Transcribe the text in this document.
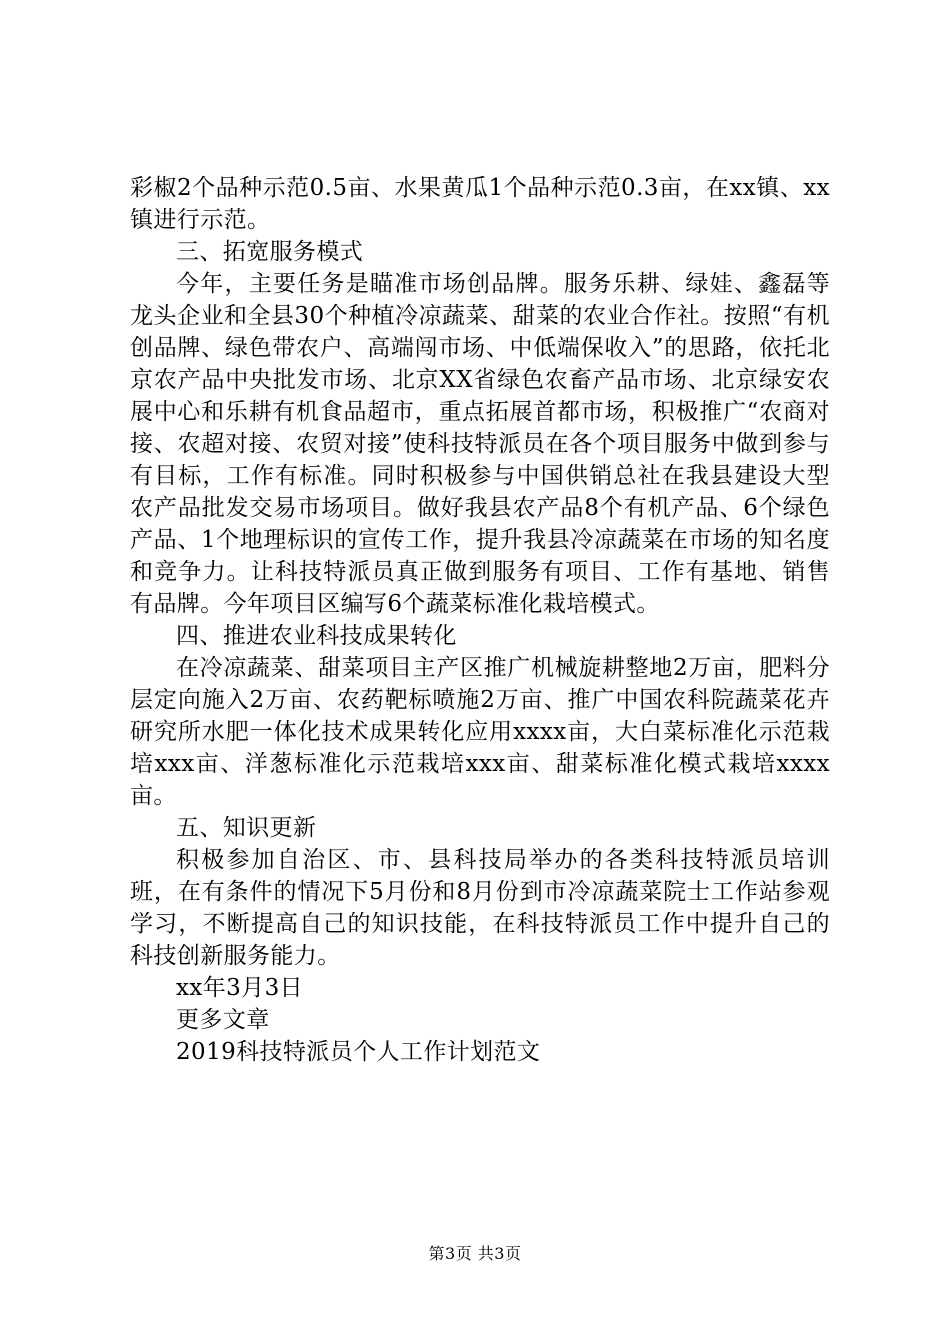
彩椒2个品种示范0.5亩、水果黄瓜1个品种示范0.3亩，在xx镇、xx镇进行示范。

三、拓宽服务模式

今年，主要任务是瞄准市场创品牌。服务乐耕、绿娃、鑫磊等龙头企业和全县30个种植冷凉蔬菜、甜菜的农业合作社。按照“有机创品牌、绿色带农户、高端闯市场、中低端保收入”的思路，依托北京农产品中央批发市场、北京XX省绿色农畜产品市场、北京绿安农展中心和乐耕有机食品超市，重点拓展首都市场，积极推广“农商对接、农超对接、农贸对接”使科技特派员在各个项目服务中做到参与有目标，工作有标准。同时积极参与中国供销总社在我县建设大型农产品批发交易市场项目。做好我县农产品8个有机产品、6个绿色产品、1个地理标识的宣传工作，提升我县冷凉蔬菜在市场的知名度和竞争力。让科技特派员真正做到服务有项目、工作有基地、销售有品牌。今年项目区编写6个蔬菜标准化栽培模式。

四、推进农业科技成果转化

在冷凉蔬菜、甜菜项目主产区推广机械旋耕整地2万亩，肥料分层定向施入2万亩、农药靶标喷施2万亩、推广中国农科院蔬菜花卉研究所水肥一体化技术成果转化应用xxxx亩，大白菜标准化示范栽培xxx亩、洋葱标准化示范栽培xxx亩、甜菜标准化模式栽培xxxx亩。

五、知识更新

积极参加自治区、市、县科技局举办的各类科技特派员培训班，在有条件的情况下5月份和8月份到市冷凉蔬菜院士工作站参观学习，不断提高自己的知识技能，在科技特派员工作中提升自己的科技创新服务能力。

xx年3月3日

更多文章

2019科技特派员个人工作计划范文

第3页 共3页
